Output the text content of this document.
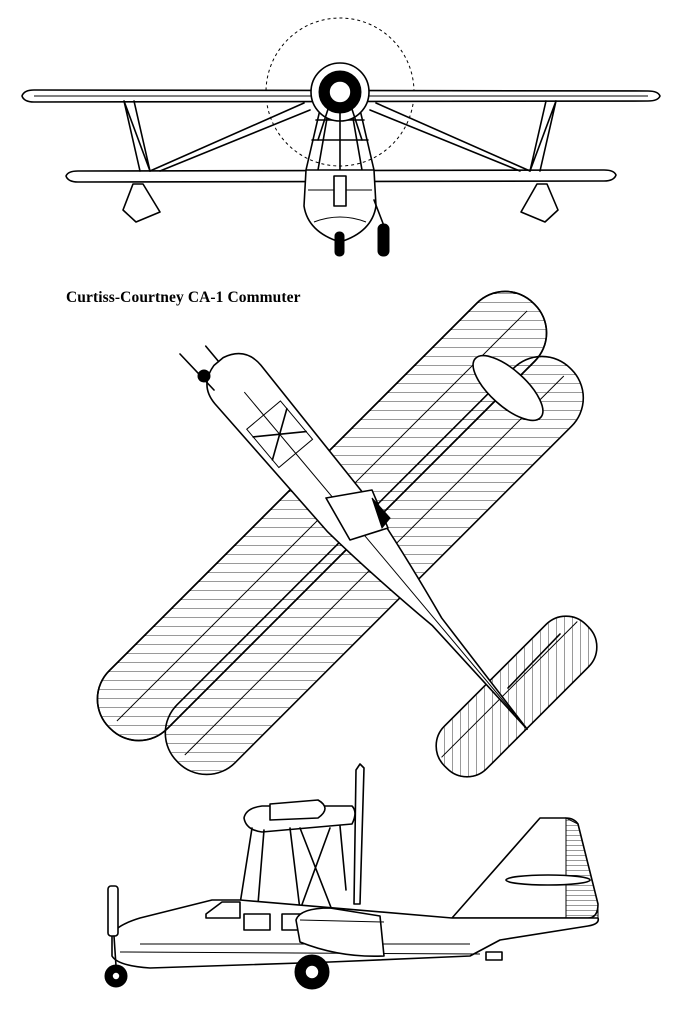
Curtiss-Courtney CA-1 Commuter
